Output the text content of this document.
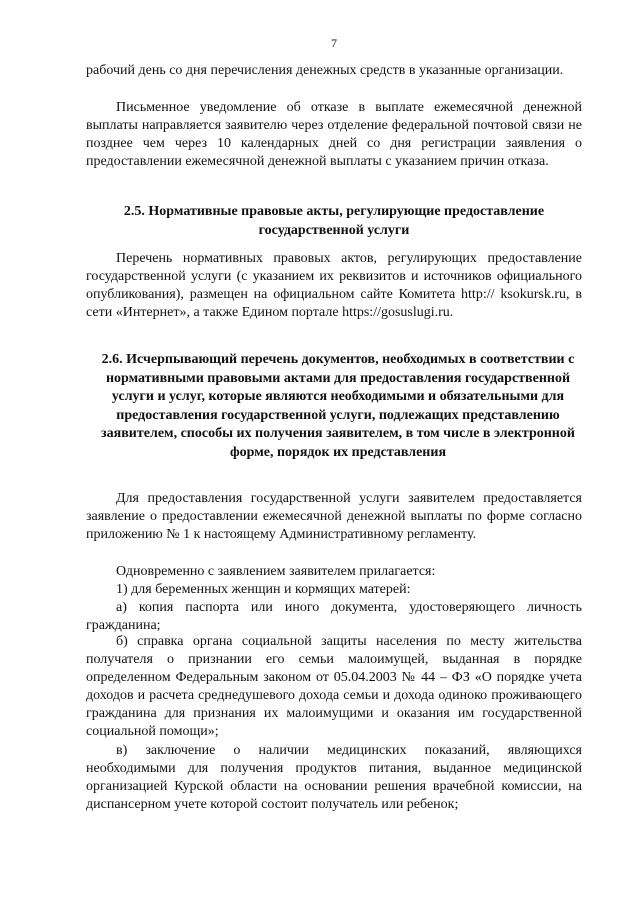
7
рабочий день со дня перечисления денежных средств в указанные организации.
Письменное уведомление об отказе в выплате ежемесячной денежной выплаты направляется заявителю через отделение федеральной почтовой связи не позднее чем через 10 календарных дней со дня регистрации заявления о предоставлении ежемесячной денежной выплаты с указанием причин отказа.
2.5. Нормативные правовые акты, регулирующие предоставление государственной услуги
Перечень нормативных правовых актов, регулирующих предоставление государственной услуги (с указанием их реквизитов и источников официального опубликования), размещен на официальном сайте Комитета http:// ksokursk.ru, в сети «Интернет», а также Едином портале https://gosuslugi.ru.
2.6. Исчерпывающий перечень документов, необходимых в соответствии с нормативными правовыми актами для предоставления государственной услуги и услуг, которые являются необходимыми и обязательными для предоставления государственной услуги, подлежащих представлению заявителем, способы их получения заявителем, в том числе в электронной форме, порядок их представления
Для предоставления государственной услуги заявителем предоставляется заявление о предоставлении ежемесячной денежной выплаты по форме согласно приложению № 1 к настоящему Административному регламенту.
Одновременно с заявлением заявителем прилагается:
1) для беременных женщин и кормящих матерей:
а) копия паспорта или иного документа, удостоверяющего личность гражданина;
б) справка органа социальной защиты населения по месту жительства получателя о признании его семьи малоимущей, выданная в порядке определенном Федеральным законом от 05.04.2003 № 44 – ФЗ «О порядке учета доходов и расчета среднедушевого дохода семьи и дохода одиноко проживающего гражданина для признания их малоимущими и оказания им государственной социальной помощи»;
в) заключение о наличии медицинских показаний, являющихся необходимыми для получения продуктов питания, выданное медицинской организацией Курской области на основании решения врачебной комиссии, на диспансерном учете которой состоит получатель или ребенок;
